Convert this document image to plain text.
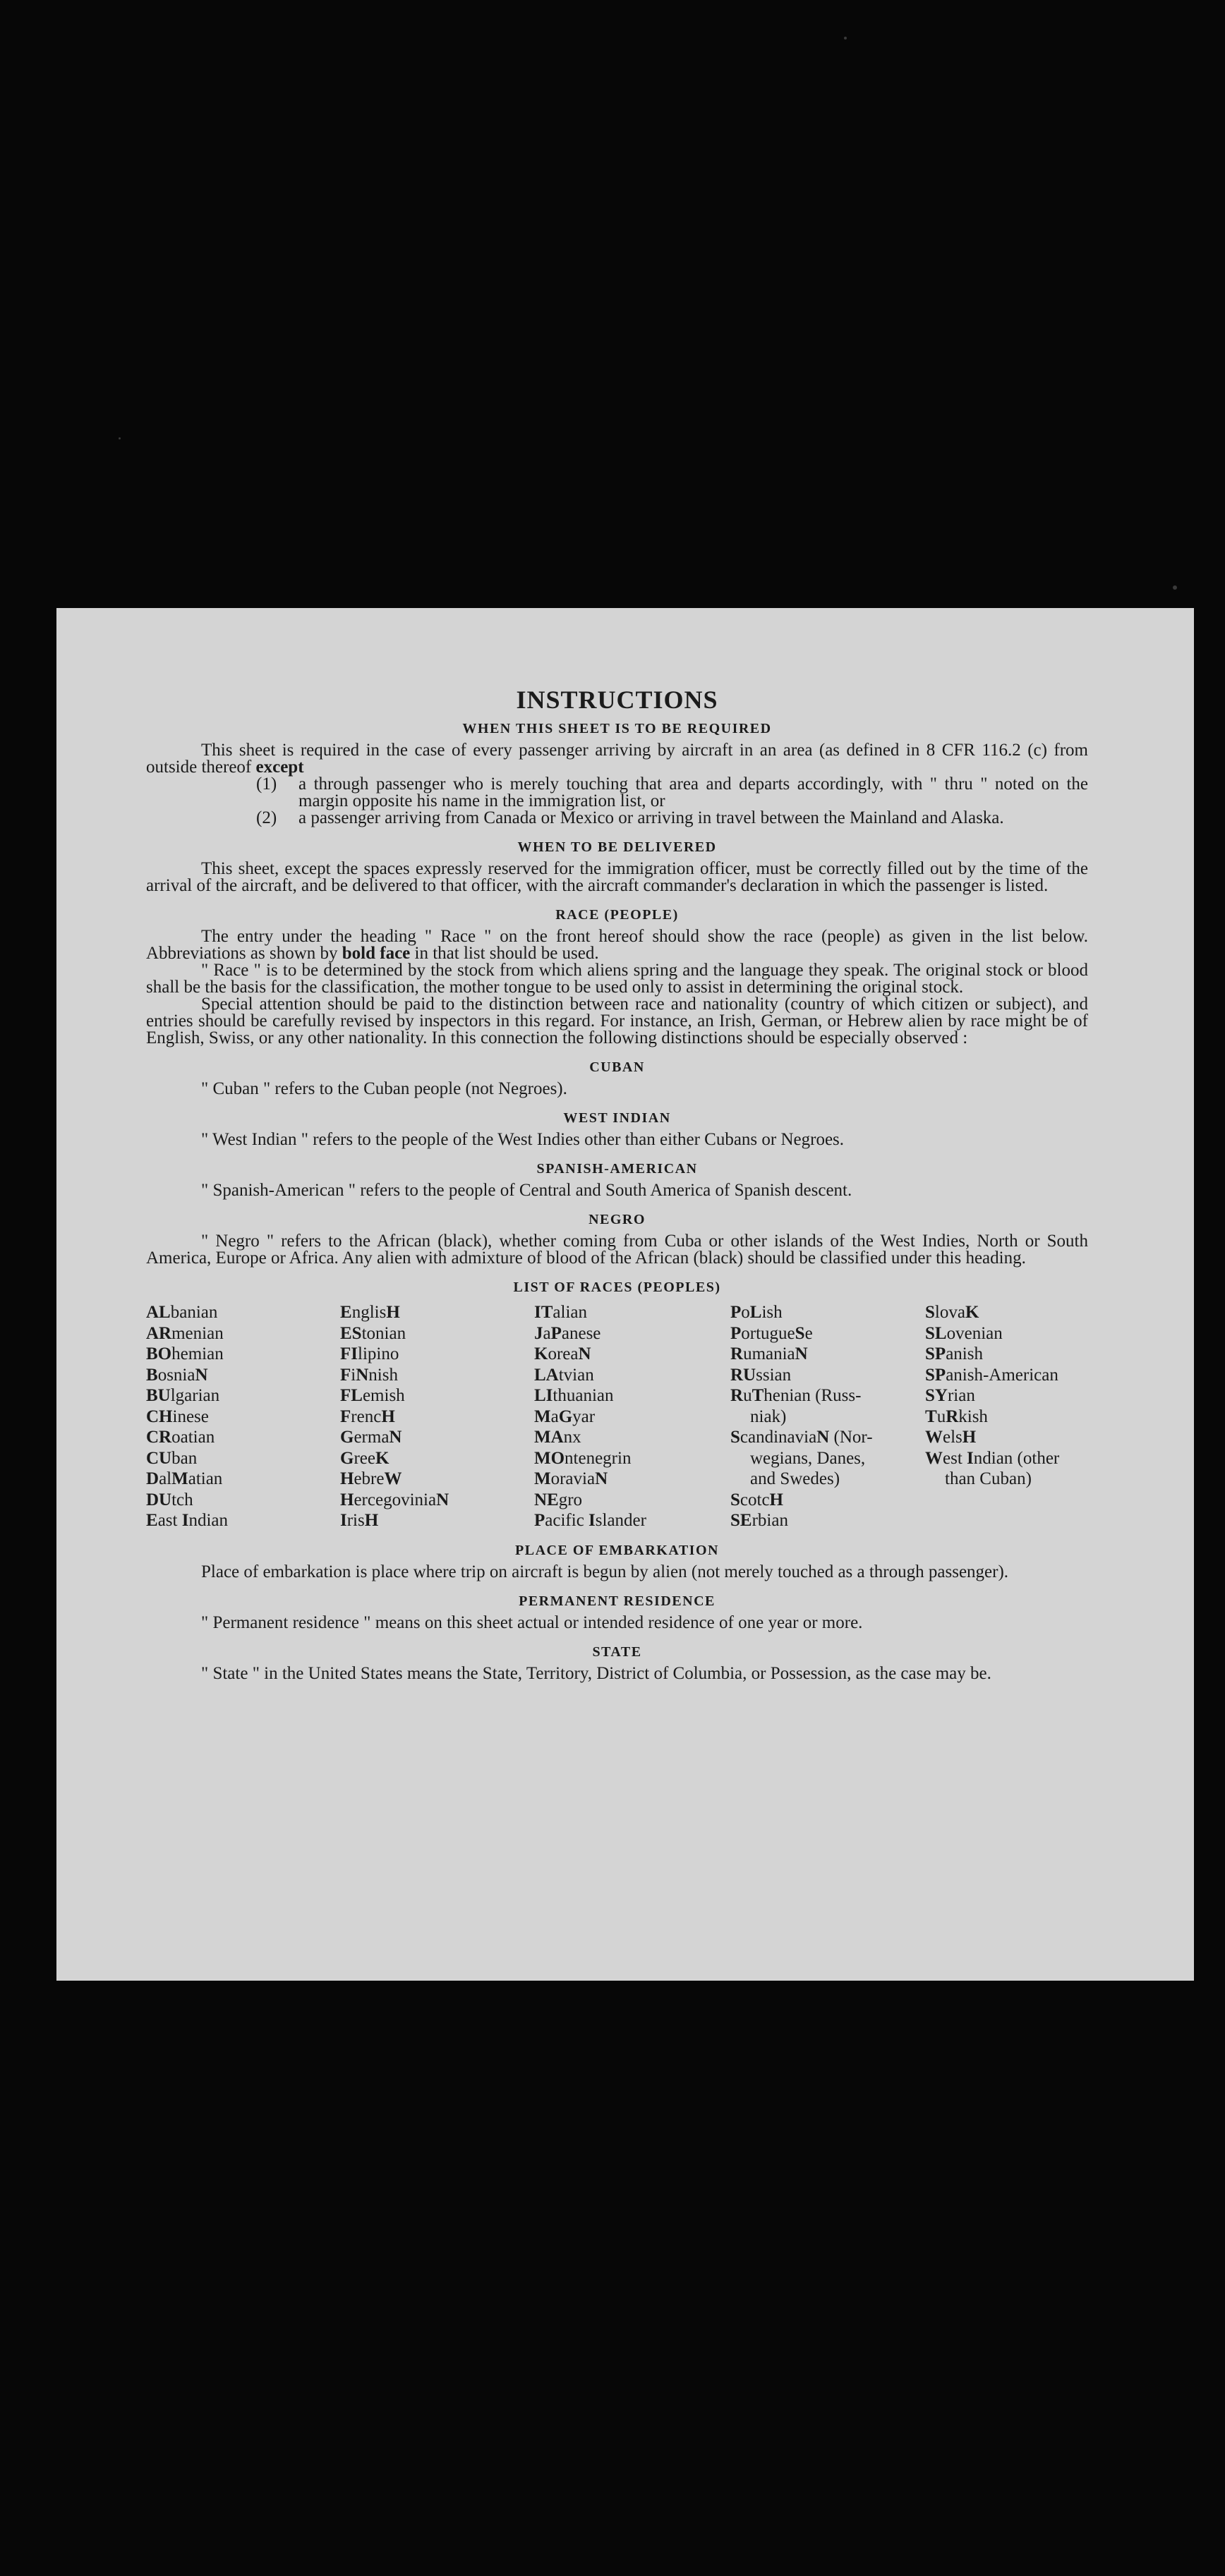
INSTRUCTIONS
WHEN THIS SHEET IS TO BE REQUIRED

This sheet is required in the case of every passenger arriving by aircraft in an area (as defined in 8 CFR 116.2 (c) from outside thereof except

(1)	a through passenger who is merely touching that area and departs accordingly, with " thru " noted on the margin opposite his name in the immigration list, or
(2)	a passenger arriving from Canada or Mexico or arriving in travel between the Mainland and Alaska.
WHEN TO BE DELIVERED

This sheet, except the spaces expressly reserved for the immigration officer, must be correctly filled out by the time of the arrival of the aircraft, and be delivered to that officer, with the aircraft commander's declaration in which the passenger is listed.

RACE (PEOPLE)

The entry under the heading " Race " on the front hereof should show the race (people) as given in the list below. Abbreviations as shown by bold face in that list should be used.

" Race " is to be determined by the stock from which aliens spring and the language they speak. The original stock or blood shall be the basis for the classification, the mother tongue to be used only to assist in determining the original stock.

Special attention should be paid to the distinction between race and nationality (country of which citizen or subject), and entries should be carefully revised by inspectors in this regard. For instance, an Irish, German, or Hebrew alien by race might be of English, Swiss, or any other nationality. In this connection the following distinctions should be especially observed :

CUBAN

" Cuban " refers to the Cuban people (not Negroes).

WEST INDIAN

" West Indian " refers to the people of the West Indies other than either Cubans or Negroes.

SPANISH-AMERICAN

" Spanish-American " refers to the people of Central and South America of Spanish descent.

NEGRO

" Negro " refers to the African (black), whether coming from Cuba or other islands of the West Indies, North or South America, Europe or Africa. Any alien with admixture of blood of the African (black) should be classified under this heading.

LIST OF RACES (PEOPLES)
ALbanian
ARmenian
BOhemian
BosniaN
BUlgarian
CHinese
CRoatian
CUban
DalMatian
DUtch
East Indian
EnglisH
EStonian
FIlipino
FiNnish
FLemish
FrencH
GermaN
GreeK
HebreW
HercegoviniaN
IrisH
ITalian
JaPanese
KoreaN
LAtvian
LIthuanian
MaGyar
MAnx
MOntenegrin
MoraviaN
NEgro
Pacific Islander
PoLish
PortugueSe
RumaniaN
RUssian
RuThenian (Russ-
niak)
ScandinaviaN (Nor-
wegians, Danes,
and Swedes)
ScotcH
SErbian
SlovaK
SLovenian
SPanish
SPanish-American
SYrian
TuRkish
WelsH
West Indian (other
than Cuban)
PLACE OF EMBARKATION

Place of embarkation is place where trip on aircraft is begun by alien (not merely touched as a through passenger).

PERMANENT RESIDENCE

" Permanent residence " means on this sheet actual or intended residence of one year or more.

STATE

" State " in the United States means the State, Territory, District of Columbia, or Possession, as the case may be.
